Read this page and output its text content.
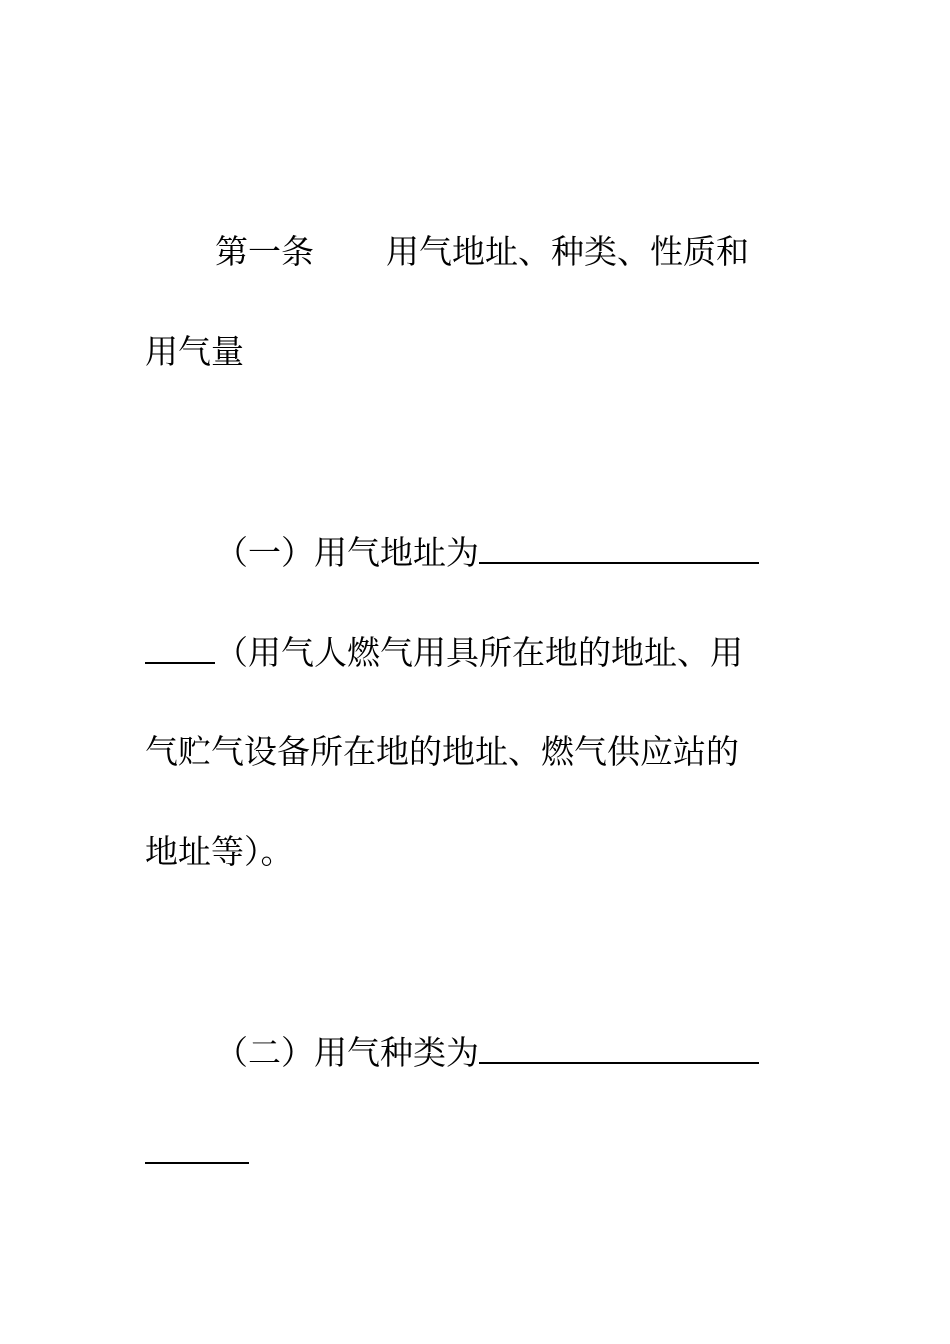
第一条 用气地址、种类、性质和
用气量
（一）用气地址为
（用气人燃气用具所在地的地址、用
气贮气设备所在地的地址、燃气供应站的
地址等）。
（二）用气种类为
